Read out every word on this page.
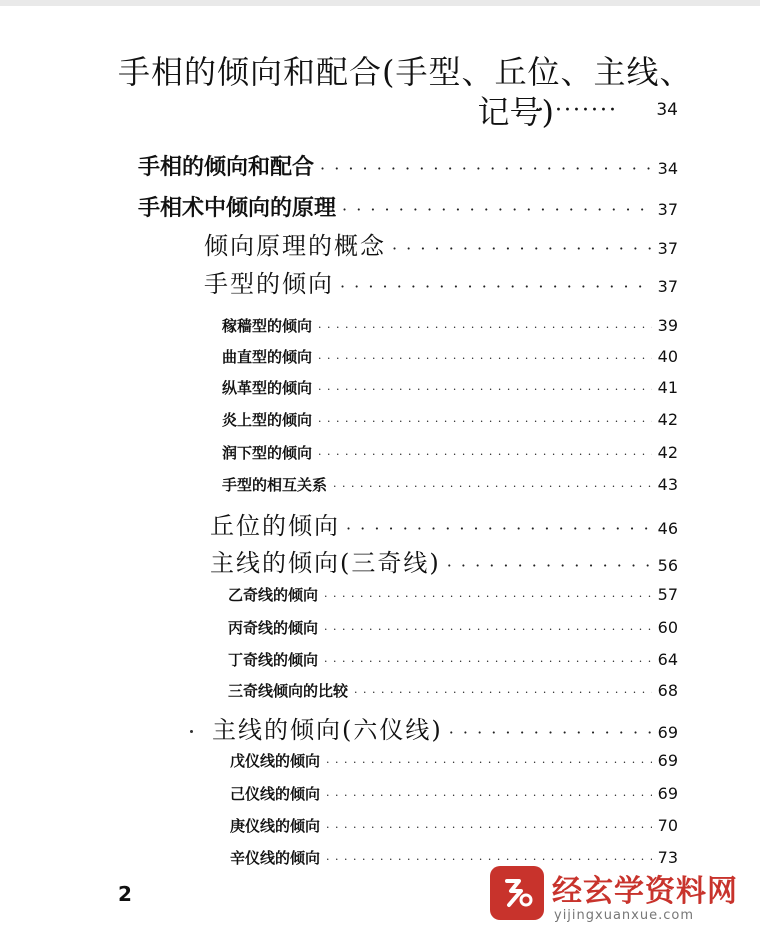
手相的倾向和配合(手型、丘位、主线、
记号)
········· 34
手相的倾向和配合 · · ·	34
手相术中倾向的原理 · · ·	37
倾向原理的概念 · · ·	37
手型的倾向 · · ·	37
稼穑型的倾向 · · ·	39
曲直型的倾向 · · ·	40
纵革型的倾向 · · ·	41
炎上型的倾向 · · ·	42
润下型的倾向 · · ·	42
手型的相互关系 · · ·	43
丘位的倾向 · · ·	46
主线的倾向(三奇线) · · ·	56
乙奇线的倾向 · · ·	57
丙奇线的倾向 · · ·	60
丁奇线的倾向 · · ·	64
三奇线倾向的比较 · · ·	68
主线的倾向(六仪线) · · ·	69
戊仪线的倾向 · · ·	69
己仪线的倾向 · · ·	69
庚仪线的倾向 · · ·	70
辛仪线的倾向 · · ·	73
2	经玄学资料网
yijingxuanxue.com
